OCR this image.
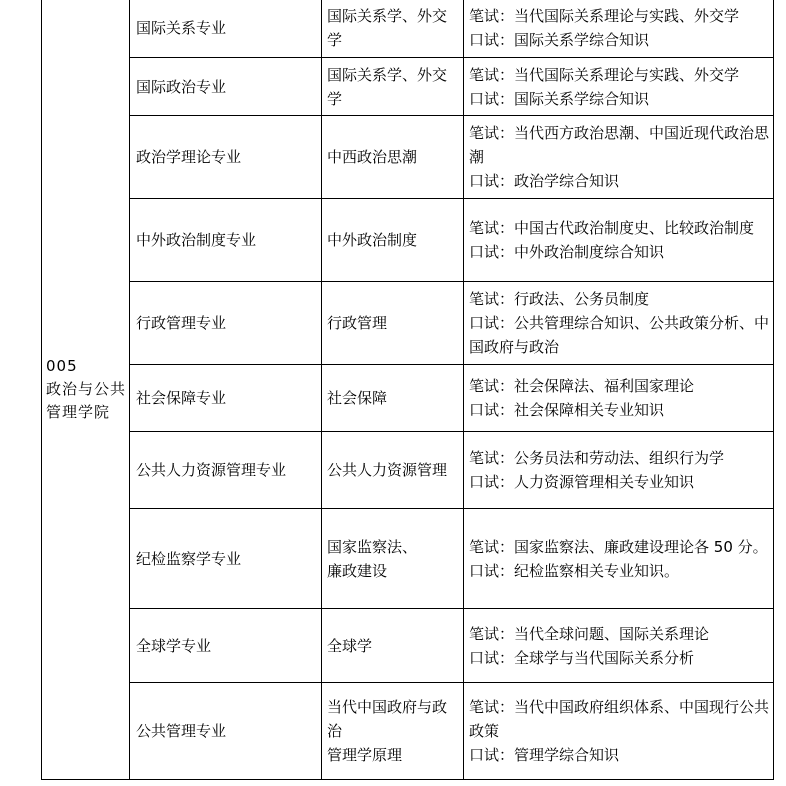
005
政治与公共管理学院	国际关系专业	国际关系学、外交学	笔试：当代国际关系理论与实践、外交学
口试：国际关系学综合知识

	国际政治专业	国际关系学、外交学	笔试：当代国际关系理论与实践、外交学
口试：国际关系学综合知识

	政治学理论专业	中西政治思潮	笔试：当代西方政治思潮、中国近现代政治思潮
口试：政治学综合知识

	中外政治制度专业	中外政治制度	笔试：中国古代政治制度史、比较政治制度
口试：中外政治制度综合知识

	行政管理专业	行政管理	笔试：行政法、公务员制度
口试：公共管理综合知识、公共政策分析、中国政府与政治

	社会保障专业	社会保障	笔试：社会保障法、福利国家理论
口试：社会保障相关专业知识

	公共人力资源管理专业	公共人力资源管理	笔试：公务员法和劳动法、组织行为学
口试：人力资源管理相关专业知识

	纪检监察学专业	国家监察法、
廉政建设	笔试：国家监察法、廉政建设理论各 50 分。
口试：纪检监察相关专业知识。

	全球学专业	全球学	笔试：当代全球问题、国际关系理论
口试：全球学与当代国际关系分析

	公共管理专业	当代中国政府与政治
管理学原理	笔试：当代中国政府组织体系、中国现行公共政策
口试：管理学综合知识
